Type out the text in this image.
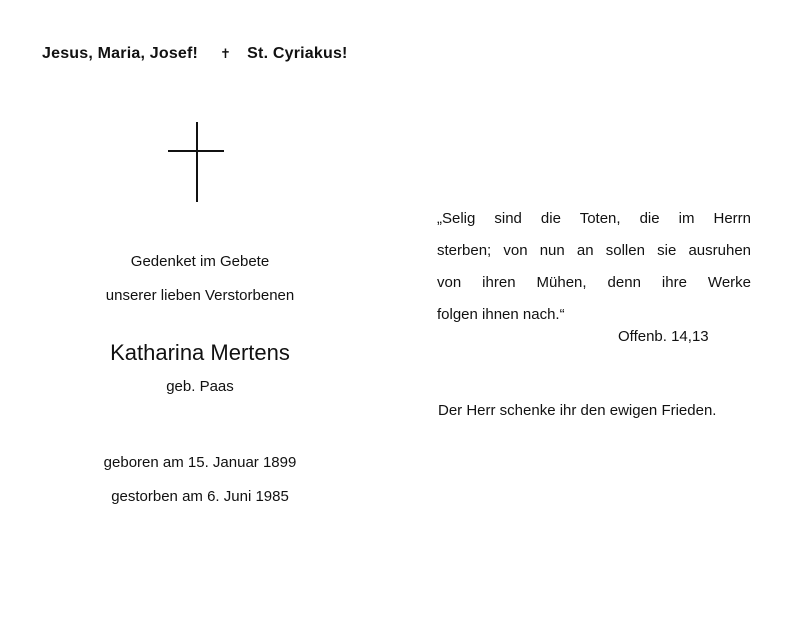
Jesus, Maria, Josef! ✝ St. Cyriakus!
Gedenket im Gebete
unserer lieben Verstorbenen
Katharina Mertens
geb. Paas
geboren am 15. Januar 1899
gestorben am 6. Juni 1985
„Selig sind die Toten, die im Herrn
sterben; von nun an sollen sie ausruhen
von ihren Mühen, denn ihre Werke
folgen ihnen nach.“
Offenb. 14,13
Der Herr schenke ihr den ewigen Frieden.
